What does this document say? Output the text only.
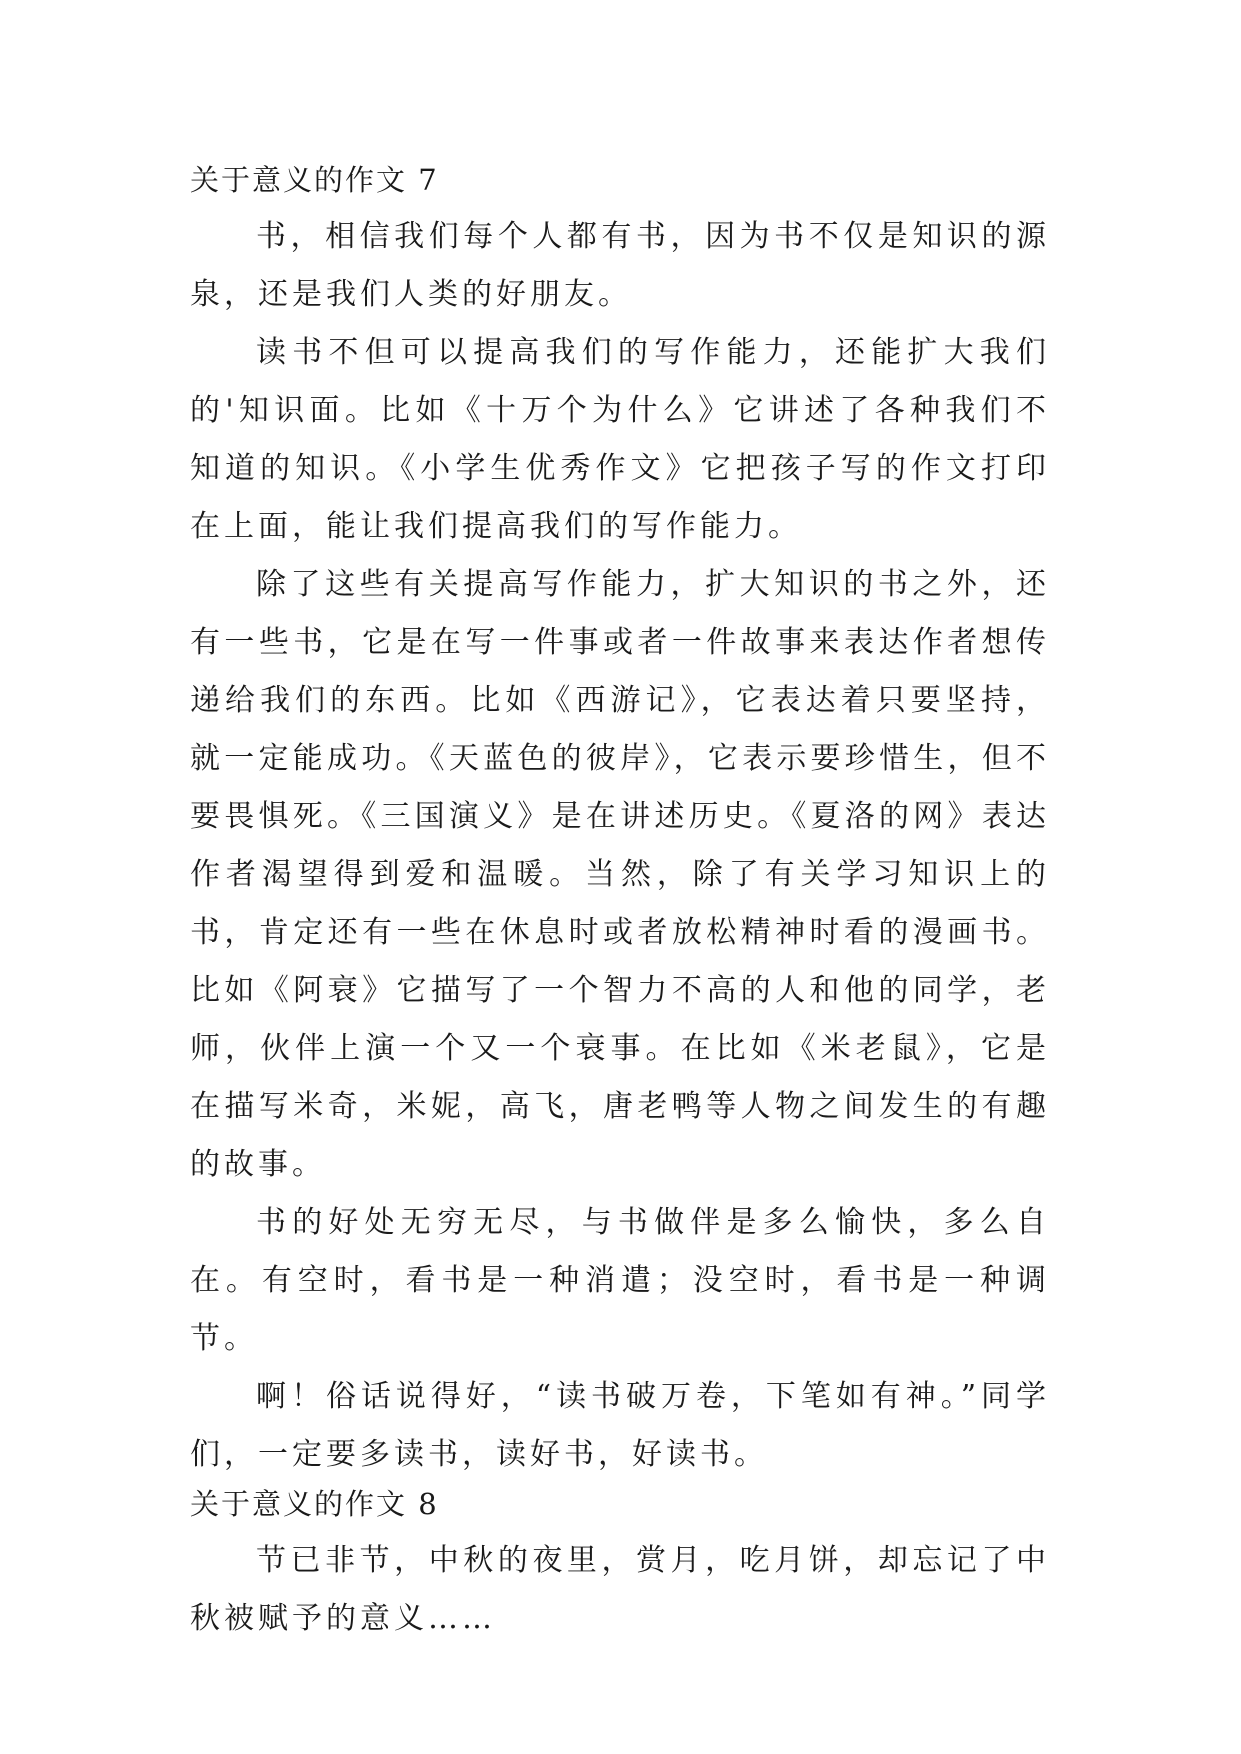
关于意义的作文 7

书，相信我们每个人都有书，因为书不仅是知识的源泉，还是我们人类的好朋友。

读书不但可以提高我们的写作能力，还能扩大我们的'知识面。比如《十万个为什么》它讲述了各种我们不知道的知识。《小学生优秀作文》它把孩子写的作文打印在上面，能让我们提高我们的写作能力。

除了这些有关提高写作能力，扩大知识的书之外，还有一些书，它是在写一件事或者一件故事来表达作者想传递给我们的东西。比如《西游记》，它表达着只要坚持，就一定能成功。《天蓝色的彼岸》，它表示要珍惜生，但不要畏惧死。《三国演义》是在讲述历史。《夏洛的网》表达作者渴望得到爱和温暖。当然，除了有关学习知识上的书，肯定还有一些在休息时或者放松精神时看的漫画书。比如《阿衰》它描写了一个智力不高的人和他的同学，老师，伙伴上演一个又一个衰事。在比如《米老鼠》，它是在描写米奇，米妮，高飞，唐老鸭等人物之间发生的有趣的故事。

书的好处无穷无尽，与书做伴是多么愉快，多么自在。有空时，看书是一种消遣；没空时，看书是一种调节。

啊！俗话说得好，“读书破万卷，下笔如有神。”同学们，一定要多读书，读好书，好读书。

关于意义的作文 8

节已非节，中秋的夜里，赏月，吃月饼，却忘记了中秋被赋予的意义……
